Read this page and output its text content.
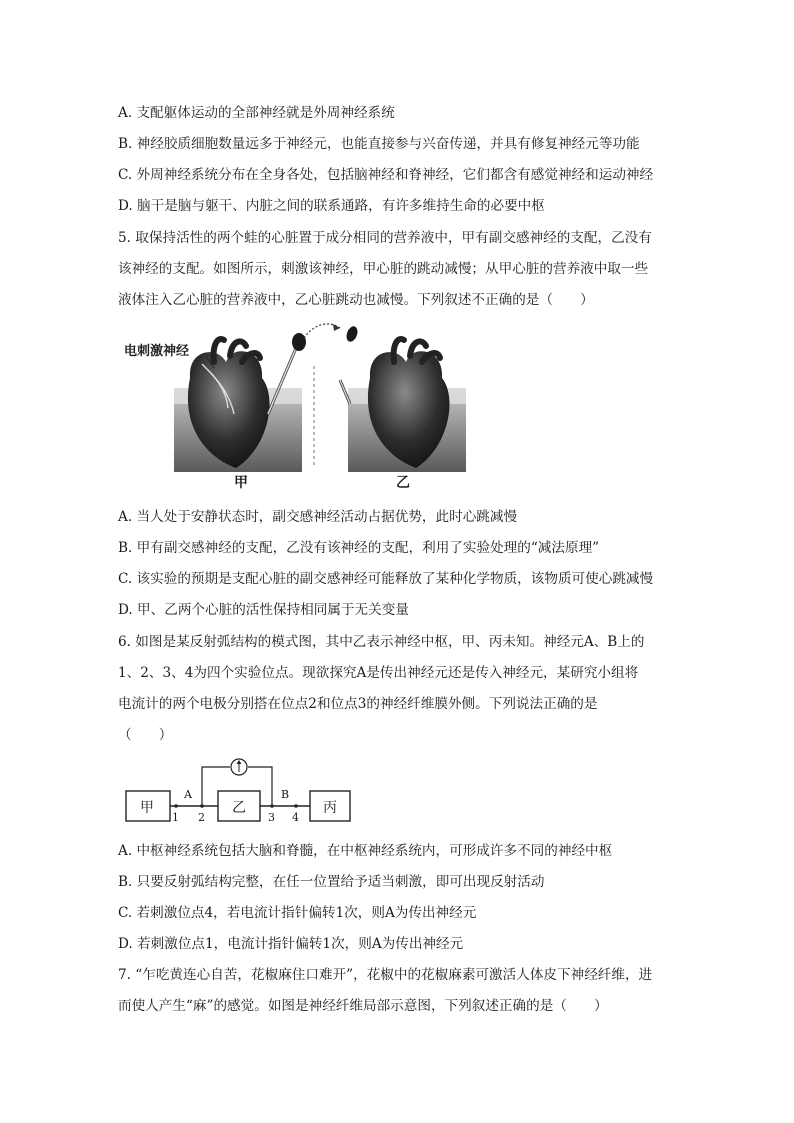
A. 支配躯体运动的全部神经就是外周神经系统
B. 神经胶质细胞数量远多于神经元，也能直接参与兴奋传递，并具有修复神经元等功能
C. 外周神经系统分布在全身各处，包括脑神经和脊神经，它们都含有感觉神经和运动神经
D. 脑干是脑与躯干、内脏之间的联系通路，有许多维持生命的必要中枢
5. 取保持活性的两个蛙的心脏置于成分相同的营养液中，甲有副交感神经的支配，乙没有
该神经的支配。如图所示，刺激该神经，甲心脏的跳动减慢；从甲心脏的营养液中取一些
液体注入乙心脏的营养液中，乙心脏跳动也减慢。下列叙述不正确的是（　　）
电刺激神经
甲	乙
A. 当人处于安静状态时，副交感神经活动占据优势，此时心跳减慢
B. 甲有副交感神经的支配，乙没有该神经的支配，利用了实验处理的“减法原理”
C. 该实验的预期是支配心脏的副交感神经可能释放了某种化学物质，该物质可使心跳减慢
D. 甲、乙两个心脏的活性保持相同属于无关变量
6. 如图是某反射弧结构的模式图，其中乙表示神经中枢，甲、丙未知。神经元A、B上的
1、2、3、4为四个实验位点。现欲探究A是传出神经元还是传入神经元，某研究小组将
电流计的两个电极分别搭在位点2和位点3的神经纤维膜外侧。下列说法正确的是
（　　）
甲	乙	丙
A	B
1 2	3 4
A. 中枢神经系统包括大脑和脊髓，在中枢神经系统内，可形成许多不同的神经中枢
B. 只要反射弧结构完整，在任一位置给予适当刺激，即可出现反射活动
C. 若刺激位点4，若电流计指针偏转1次，则A为传出神经元
D. 若刺激位点1，电流计指针偏转1次，则A为传出神经元
7. “乍吃黄连心自苦，花椒麻住口难开”，花椒中的花椒麻素可激活人体皮下神经纤维，进
而使人产生“麻”的感觉。如图是神经纤维局部示意图，下列叙述正确的是（　　）
